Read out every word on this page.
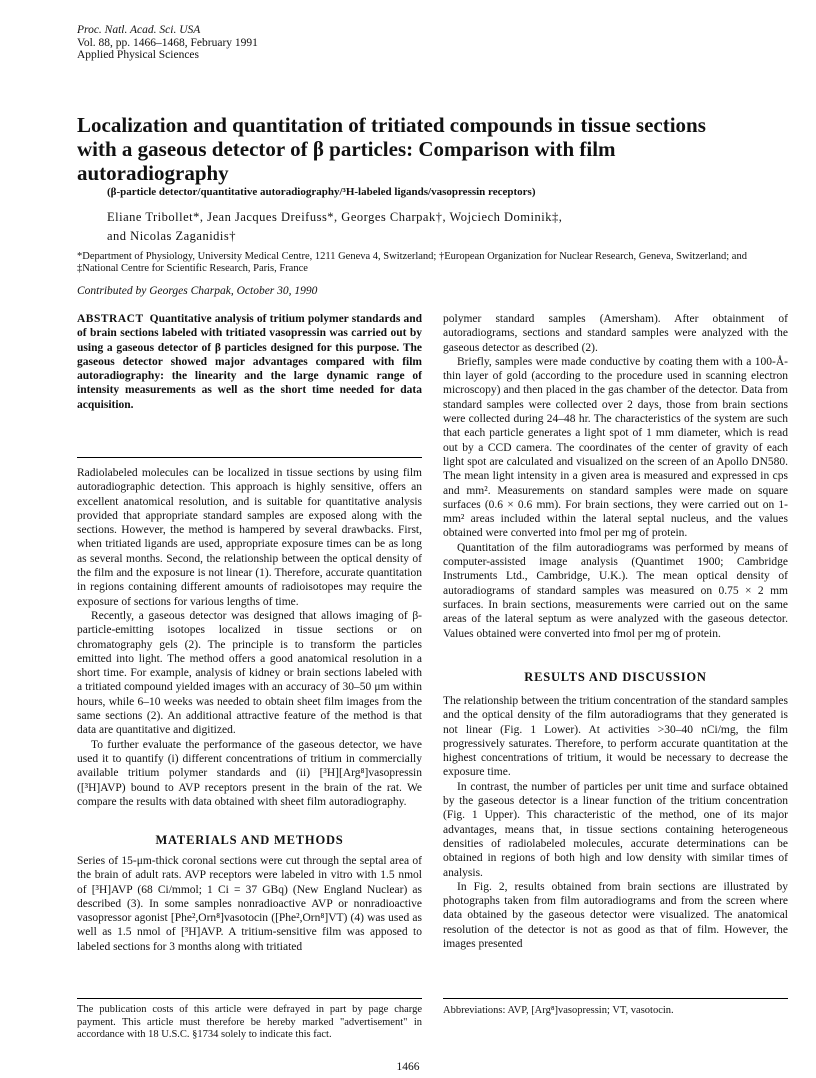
Proc. Natl. Acad. Sci. USA
Vol. 88, pp. 1466–1468, February 1991
Applied Physical Sciences
Localization and quantitation of tritiated compounds in tissue sections with a gaseous detector of β particles: Comparison with film autoradiography
(β-particle detector/quantitative autoradiography/³H-labeled ligands/vasopressin receptors)
Eliane Tribollet*, Jean Jacques Dreifuss*, Georges Charpak†, Wojciech Dominik‡,
and Nicolas Zaganidis†
*Department of Physiology, University Medical Centre, 1211 Geneva 4, Switzerland; †European Organization for Nuclear Research, Geneva, Switzerland; and ‡National Centre for Scientific Research, Paris, France
Contributed by Georges Charpak, October 30, 1990

ABSTRACT Quantitative analysis of tritium polymer standards and of brain sections labeled with tritiated vasopressin was carried out by using a gaseous detector of β particles designed for this purpose. The gaseous detector showed major advantages compared with film autoradiography: the linearity and the large dynamic range of intensity measurements as well as the short time needed for data acquisition.

Radiolabeled molecules can be localized in tissue sections by using film autoradiographic detection. This approach is highly sensitive, offers an excellent anatomical resolution, and is suitable for quantitative analysis provided that appropriate standard samples are exposed along with the sections. However, the method is hampered by several drawbacks. First, when tritiated ligands are used, appropriate exposure times can be as long as several months. Second, the relationship between the optical density of the film and the exposure is not linear (1). Therefore, accurate quantitation in regions containing different amounts of radioisotopes may require the exposure of sections for various lengths of time.

Recently, a gaseous detector was designed that allows imaging of β-particle-emitting isotopes localized in tissue sections or on chromatography gels (2). The principle is to transform the particles emitted into light. The method offers a good anatomical resolution in a short time. For example, analysis of kidney or brain sections labeled with a tritiated compound yielded images with an accuracy of 30–50 μm within hours, while 6–10 weeks was needed to obtain sheet film images from the same sections (2). An additional attractive feature of the method is that data are quantitative and digitized.

To further evaluate the performance of the gaseous detector, we have used it to quantify (i) different concentrations of tritium in commercially available tritium polymer standards and (ii) [³H][Arg⁸]vasopressin ([³H]AVP) bound to AVP receptors present in the brain of the rat. We compare the results with data obtained with sheet film autoradiography.

MATERIALS AND METHODS

Series of 15-μm-thick coronal sections were cut through the septal area of the brain of adult rats. AVP receptors were labeled in vitro with 1.5 nmol of [³H]AVP (68 Ci/mmol; 1 Ci = 37 GBq) (New England Nuclear) as described (3). In some samples nonradioactive AVP or nonradioactive vasopressor agonist [Phe²,Orn⁸]vasotocin ([Phe²,Orn⁸]VT) (4) was used as well as 1.5 nmol of [³H]AVP. A tritium-sensitive film was apposed to labeled sections for 3 months along with tritiated

polymer standard samples (Amersham). After obtainment of autoradiograms, sections and standard samples were analyzed with the gaseous detector as described (2).

Briefly, samples were made conductive by coating them with a 100-Å-thin layer of gold (according to the procedure used in scanning electron microscopy) and then placed in the gas chamber of the detector. Data from standard samples were collected over 2 days, those from brain sections were collected during 24–48 hr. The characteristics of the system are such that each particle generates a light spot of 1 mm diameter, which is read out by a CCD camera. The coordinates of the center of gravity of each light spot are calculated and visualized on the screen of an Apollo DN580. The mean light intensity in a given area is measured and expressed in cps and mm². Measurements on standard samples were made on square surfaces (0.6 × 0.6 mm). For brain sections, they were carried out on 1-mm² areas included within the lateral septal nucleus, and the values obtained were converted into fmol per mg of protein.

Quantitation of the film autoradiograms was performed by means of computer-assisted image analysis (Quantimet 1900; Cambridge Instruments Ltd., Cambridge, U.K.). The mean optical density of autoradiograms of standard samples was measured on 0.75 × 2 mm surfaces. In brain sections, measurements were carried out on the same areas of the lateral septum as were analyzed with the gaseous detector. Values obtained were converted into fmol per mg of protein.

RESULTS AND DISCUSSION

The relationship between the tritium concentration of the standard samples and the optical density of the film autoradiograms that they generated is not linear (Fig. 1 Lower). At activities >30–40 nCi/mg, the film progressively saturates. Therefore, to perform accurate quantitation at the highest concentrations of tritium, it would be necessary to decrease the exposure time.

In contrast, the number of particles per unit time and surface obtained by the gaseous detector is a linear function of the tritium concentration (Fig. 1 Upper). This characteristic of the method, one of its major advantages, means that, in tissue sections containing heterogeneous densities of radiolabeled molecules, accurate determinations can be obtained in regions of both high and low density with similar times of analysis.

In Fig. 2, results obtained from brain sections are illustrated by photographs taken from film autoradiograms and from the screen where data obtained by the gaseous detector were visualized. The anatomical resolution of the detector is not as good as that of film. However, the images presented

The publication costs of this article were defrayed in part by page charge payment. This article must therefore be hereby marked "advertisement" in accordance with 18 U.S.C. §1734 solely to indicate this fact.
Abbreviations: AVP, [Arg⁸]vasopressin; VT, vasotocin.
1466
